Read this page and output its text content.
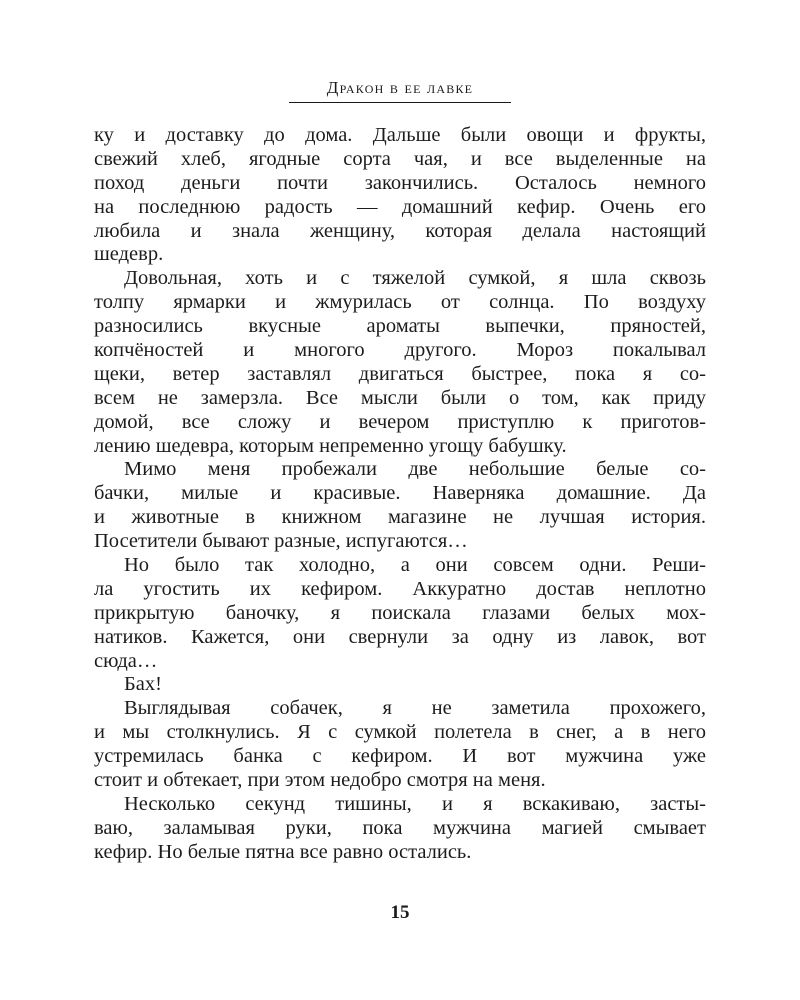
Дракон в ее лавке
ку и доставку до дома. Дальше были овощи и фрукты,
свежий хлеб, ягодные сорта чая, и все выделенные на
поход деньги почти закончились. Осталось немного
на последнюю радость — домашний кефир. Очень его
любила и знала женщину, которая делала настоящий
шедевр.
Довольная, хоть и с тяжелой сумкой, я шла сквозь
толпу ярмарки и жмурилась от солнца. По воздуху
разносились вкусные ароматы выпечки, пряностей,
копчёностей и многого другого. Мороз покалывал
щеки, ветер заставлял двигаться быстрее, пока я со-
всем не замерзла. Все мысли были о том, как приду
домой, все сложу и вечером приступлю к приготов-
лению шедевра, которым непременно угощу бабушку.
Мимо меня пробежали две небольшие белые со-
бачки, милые и красивые. Наверняка домашние. Да
и животные в книжном магазине не лучшая история.
Посетители бывают разные, испугаются…
Но было так холодно, а они совсем одни. Реши-
ла угостить их кефиром. Аккуратно достав неплотно
прикрытую баночку, я поискала глазами белых мох-
натиков. Кажется, они свернули за одну из лавок, вот
сюда…
Бах!
Выглядывая собачек, я не заметила прохожего,
и мы столкнулись. Я с сумкой полетела в снег, а в него
устремилась банка с кефиром. И вот мужчина уже
стоит и обтекает, при этом недобро смотря на меня.
Несколько секунд тишины, и я вскакиваю, засты-
ваю, заламывая руки, пока мужчина магией смывает
кефир. Но белые пятна все равно остались.
15
